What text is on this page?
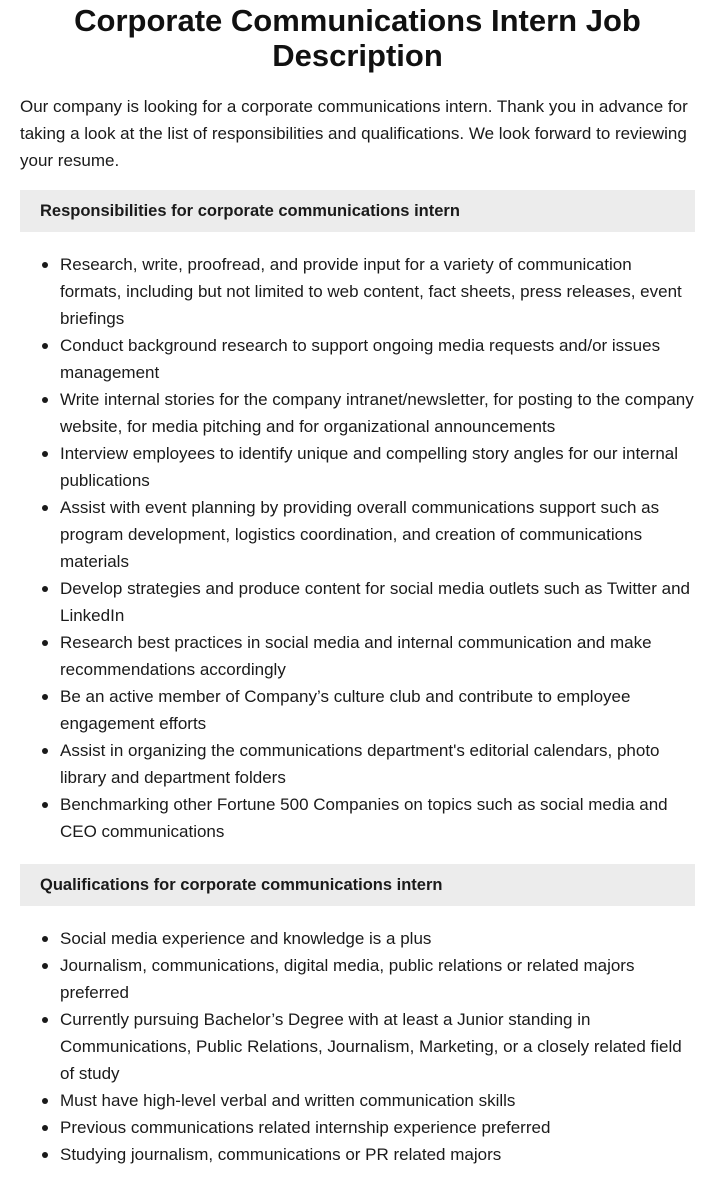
Corporate Communications Intern Job Description

Our company is looking for a corporate communications intern. Thank you in advance for taking a look at the list of responsibilities and qualifications. We look forward to reviewing your resume.

Responsibilities for corporate communications intern
Research, write, proofread, and provide input for a variety of communication formats, including but not limited to web content, fact sheets, press releases, event briefings
Conduct background research to support ongoing media requests and/or issues management
Write internal stories for the company intranet/newsletter, for posting to the company website, for media pitching and for organizational announcements
Interview employees to identify unique and compelling story angles for our internal publications
Assist with event planning by providing overall communications support such as program development, logistics coordination, and creation of communications materials
Develop strategies and produce content for social media outlets such as Twitter and LinkedIn
Research best practices in social media and internal communication and make recommendations accordingly
Be an active member of Company’s culture club and contribute to employee engagement efforts
Assist in organizing the communications department's editorial calendars, photo library and department folders
Benchmarking other Fortune 500 Companies on topics such as social media and CEO communications
Qualifications for corporate communications intern
Social media experience and knowledge is a plus
Journalism, communications, digital media, public relations or related majors preferred
Currently pursuing Bachelor’s Degree with at least a Junior standing in Communications, Public Relations, Journalism, Marketing, or a closely related field of study
Must have high-level verbal and written communication skills
Previous communications related internship experience preferred
Studying journalism, communications or PR related majors
